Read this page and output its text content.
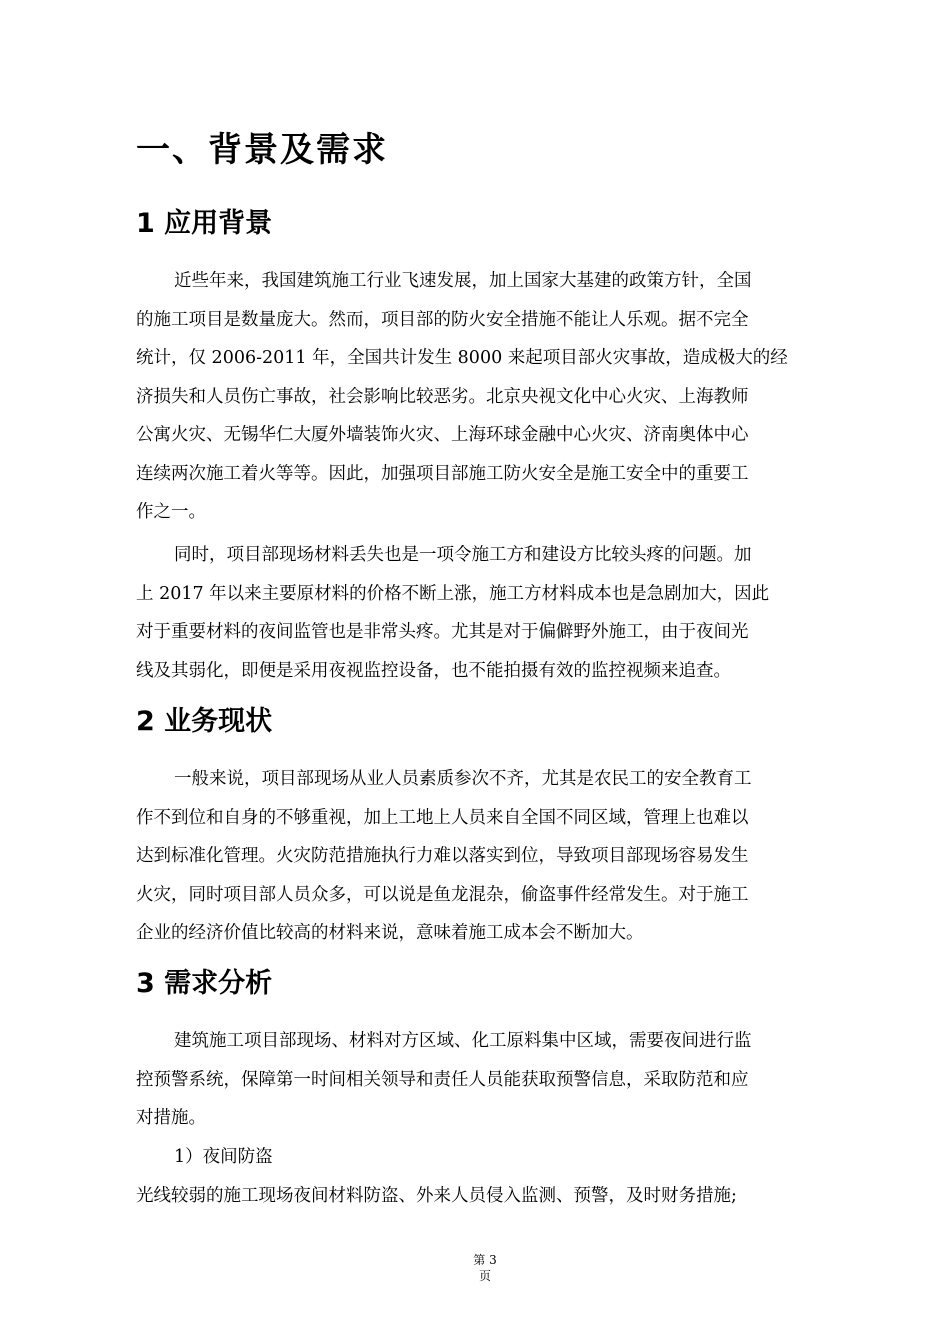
一、背景及需求
1 应用背景

近些年来，我国建筑施工行业飞速发展，加上国家大基建的政策方针，全国
的施工项目是数量庞大。然而，项目部的防火安全措施不能让人乐观。据不完全
统计，仅 2006-2011 年，全国共计发生 8000 来起项目部火灾事故，造成极大的经
济损失和人员伤亡事故，社会影响比较恶劣。北京央视文化中心火灾、上海教师
公寓火灾、无锡华仁大厦外墙装饰火灾、上海环球金融中心火灾、济南奥体中心
连续两次施工着火等等。因此，加强项目部施工防火安全是施工安全中的重要工
作之一。

同时，项目部现场材料丢失也是一项令施工方和建设方比较头疼的问题。加
上 2017 年以来主要原材料的价格不断上涨，施工方材料成本也是急剧加大，因此
对于重要材料的夜间监管也是非常头疼。尤其是对于偏僻野外施工，由于夜间光
线及其弱化，即便是采用夜视监控设备，也不能拍摄有效的监控视频来追查。

2 业务现状

一般来说，项目部现场从业人员素质参次不齐，尤其是农民工的安全教育工
作不到位和自身的不够重视，加上工地上人员来自全国不同区域，管理上也难以
达到标准化管理。火灾防范措施执行力难以落实到位，导致项目部现场容易发生
火灾，同时项目部人员众多，可以说是鱼龙混杂，偷盗事件经常发生。对于施工
企业的经济价值比较高的材料来说，意味着施工成本会不断加大。

3 需求分析

建筑施工项目部现场、材料对方区域、化工原料集中区域，需要夜间进行监
控预警系统，保障第一时间相关领导和责任人员能获取预警信息，采取防范和应
对措施。

1）夜间防盗
光线较弱的施工现场夜间材料防盗、外来人员侵入监测、预警，及时财务措施;

第 3
页
